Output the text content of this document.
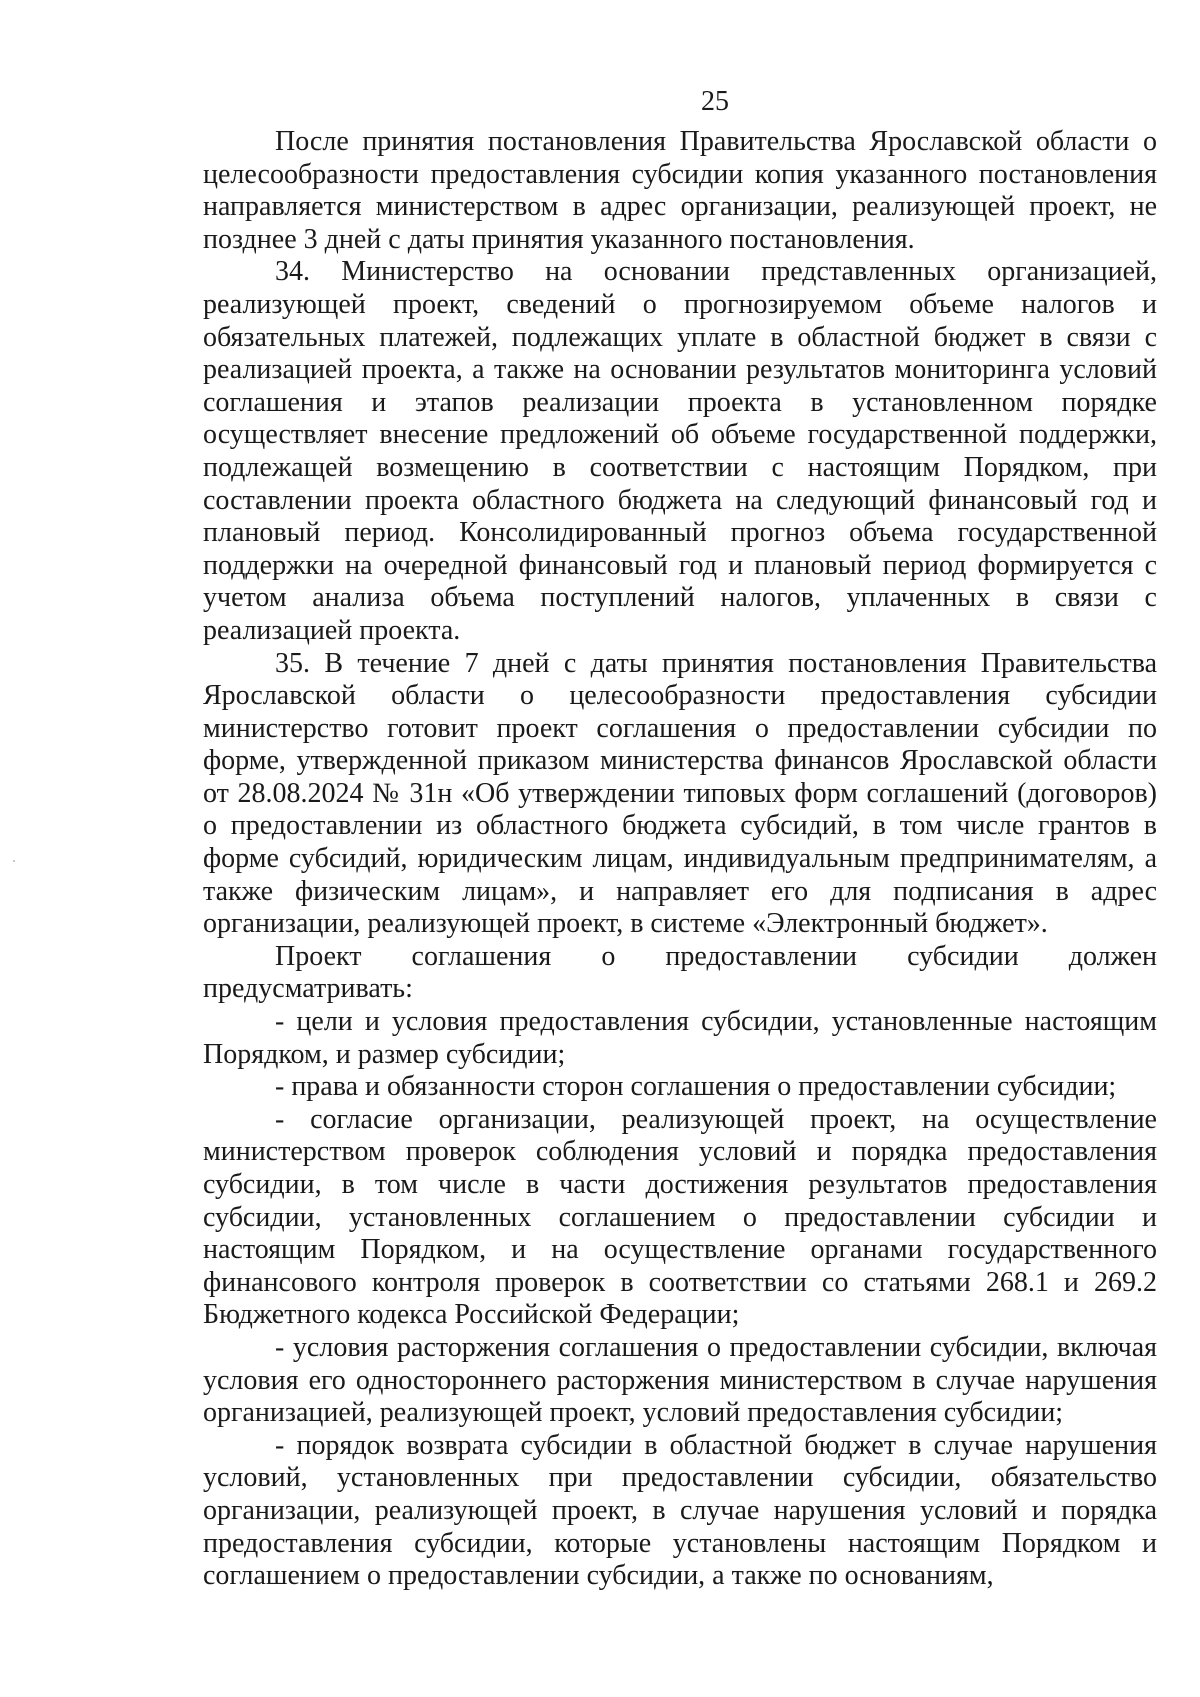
25

После принятия постановления Правительства Ярославской области о целесообразности предоставления субсидии копия указанного постановления направляется министерством в адрес организации, реализующей проект, не позднее 3 дней с даты принятия указанного постановления.

34. Министерство на основании представленных организацией, реализующей проект, сведений о прогнозируемом объеме налогов и обязательных платежей, подлежащих уплате в областной бюджет в связи с реализацией проекта, а также на основании результатов мониторинга условий соглашения и этапов реализации проекта в установленном порядке осуществляет внесение предложений об объеме государственной поддержки, подлежащей возмещению в соответствии с настоящим Порядком, при составлении проекта областного бюджета на следующий финансовый год и плановый период. Консолидированный прогноз объема государственной поддержки на очередной финансовый год и плановый период формируется с учетом анализа объема поступлений налогов, уплаченных в связи с реализацией проекта.

35. В течение 7 дней с даты принятия постановления Правительства Ярославской области о целесообразности предоставления субсидии министерство готовит проект соглашения о предоставлении субсидии по форме, утвержденной приказом министерства финансов Ярославской области от 28.08.2024 № 31н «Об утверждении типовых форм соглашений (договоров) о предоставлении из областного бюджета субсидий, в том числе грантов в форме субсидий, юридическим лицам, индивидуальным предпринимателям, а также физическим лицам», и направляет его для подписания в адрес организации, реализующей проект, в системе «Электронный бюджет».

Проект соглашения о предоставлении субсидии должен предусматривать:

- цели и условия предоставления субсидии, установленные настоящим Порядком, и размер субсидии;

- права и обязанности сторон соглашения о предоставлении субсидии;

- согласие организации, реализующей проект, на осуществление министерством проверок соблюдения условий и порядка предоставления субсидии, в том числе в части достижения результатов предоставления субсидии, установленных соглашением о предоставлении субсидии и настоящим Порядком, и на осуществление органами государственного финансового контроля проверок в соответствии со статьями 268.1 и 269.2 Бюджетного кодекса Российской Федерации;

- условия расторжения соглашения о предоставлении субсидии, включая условия его одностороннего расторжения министерством в случае нарушения организацией, реализующей проект, условий предоставления субсидии;

- порядок возврата субсидии в областной бюджет в случае нарушения условий, установленных при предоставлении субсидии, обязательство организации, реализующей проект, в случае нарушения условий и порядка предоставления субсидии, которые установлены настоящим Порядком и соглашением о предоставлении субсидии, а также по основаниям,
